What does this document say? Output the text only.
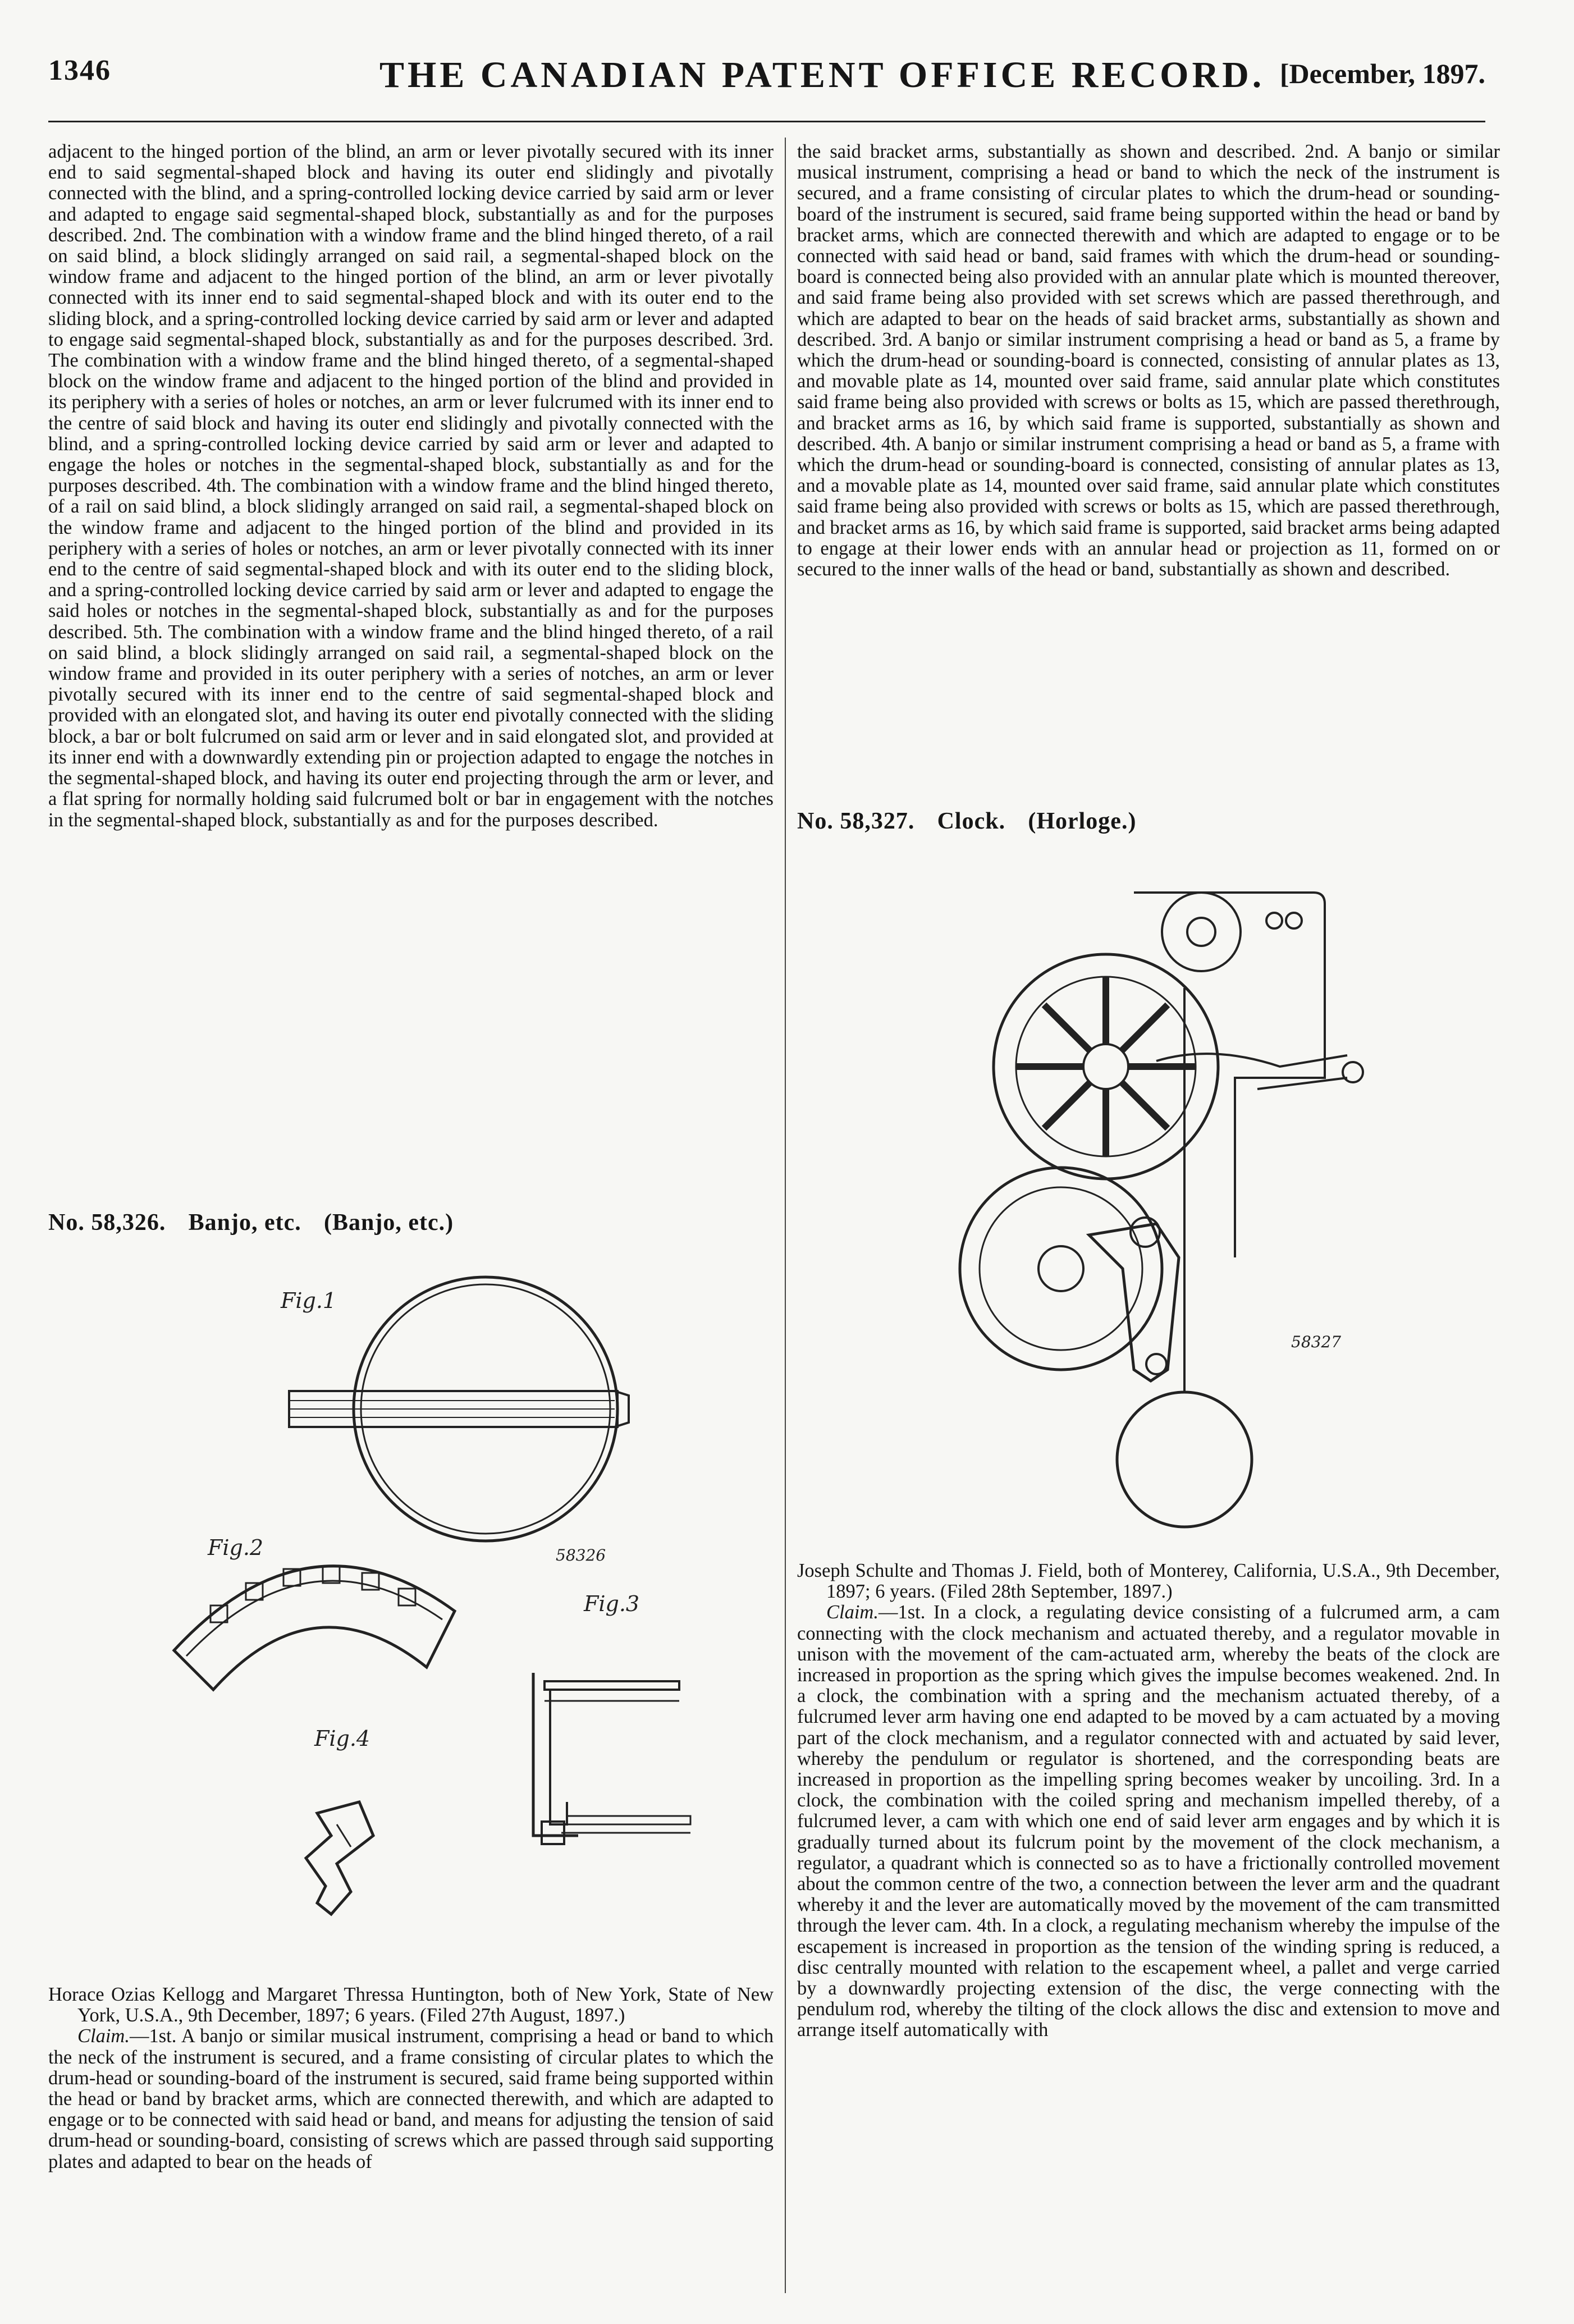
1346	THE CANADIAN PATENT OFFICE RECORD. [December, 1897.

adjacent to the hinged portion of the blind, an arm or lever pivotally secured with its inner end to said segmental-shaped block and having its outer end slidingly and pivotally connected with the blind, and a spring-controlled locking device carried by said arm or lever and adapted to engage said segmental-shaped block, substantially as and for the purposes described. 2nd. The combination with a window frame and the blind hinged thereto, of a rail on said blind, a block slidingly arranged on said rail, a segmental-shaped block on the window frame and adjacent to the hinged portion of the blind, an arm or lever pivotally connected with its inner end to said segmental-shaped block and with its outer end to the sliding block, and a spring-controlled locking device carried by said arm or lever and adapted to engage said segmental-shaped block, substantially as and for the purposes described. 3rd. The combination with a window frame and the blind hinged thereto, of a segmental-shaped block on the window frame and adjacent to the hinged portion of the blind and provided in its periphery with a series of holes or notches, an arm or lever fulcrumed with its inner end to the centre of said block and having its outer end slidingly and pivotally connected with the blind, and a spring-controlled locking device carried by said arm or lever and adapted to engage the holes or notches in the segmental-shaped block, substantially as and for the purposes described. 4th. The combination with a window frame and the blind hinged thereto, of a rail on said blind, a block slidingly arranged on said rail, a segmental-shaped block on the window frame and adjacent to the hinged portion of the blind and provided in its periphery with a series of holes or notches, an arm or lever pivotally connected with its inner end to the centre of said segmental-shaped block and with its outer end to the sliding block, and a spring-controlled locking device carried by said arm or lever and adapted to engage the said holes or notches in the segmental-shaped block, substantially as and for the purposes described. 5th. The combination with a window frame and the blind hinged thereto, of a rail on said blind, a block slidingly arranged on said rail, a segmental-shaped block on the window frame and provided in its outer periphery with a series of notches, an arm or lever pivotally secured with its inner end to the centre of said segmental-shaped block and provided with an elongated slot, and having its outer end pivotally connected with the sliding block, a bar or bolt fulcrumed on said arm or lever and in said elongated slot, and provided at its inner end with a downwardly extending pin or projection adapted to engage the notches in the segmental-shaped block, and having its outer end projecting through the arm or lever, and a flat spring for normally holding said fulcrumed bolt or bar in engagement with the notches in the segmental-shaped block, substantially as and for the purposes described.

No. 58,326. Banjo, etc. (Banjo, etc.)
Fig.1
Fig.2
Fig.3
Fig.4
58326

Horace Ozias Kellogg and Margaret Thressa Huntington, both of New York, State of New York, U.S.A., 9th December, 1897; 6 years. (Filed 27th August, 1897.)

Claim.—1st. A banjo or similar musical instrument, comprising a head or band to which the neck of the instrument is secured, and a frame consisting of circular plates to which the drum-head or sounding-board of the instrument is secured, said frame being supported within the head or band by bracket arms, which are connected therewith, and which are adapted to engage or to be connected with said head or band, and means for adjusting the tension of said drum-head or sounding-board, consisting of screws which are passed through said supporting plates and adapted to bear on the heads of

the said bracket arms, substantially as shown and described. 2nd. A banjo or similar musical instrument, comprising a head or band to which the neck of the instrument is secured, and a frame consisting of circular plates to which the drum-head or sounding-board of the instrument is secured, said frame being supported within the head or band by bracket arms, which are connected therewith and which are adapted to engage or to be connected with said head or band, said frames with which the drum-head or sounding-board is connected being also provided with an annular plate which is mounted thereover, and said frame being also provided with set screws which are passed therethrough, and which are adapted to bear on the heads of said bracket arms, substantially as shown and described. 3rd. A banjo or similar instrument comprising a head or band as 5, a frame by which the drum-head or sounding-board is connected, consisting of annular plates as 13, and movable plate as 14, mounted over said frame, said annular plate which constitutes said frame being also provided with screws or bolts as 15, which are passed therethrough, and bracket arms as 16, by which said frame is supported, substantially as shown and described. 4th. A banjo or similar instrument comprising a head or band as 5, a frame with which the drum-head or sounding-board is connected, consisting of annular plates as 13, and a movable plate as 14, mounted over said frame, said annular plate which constitutes said frame being also provided with screws or bolts as 15, which are passed therethrough, and bracket arms as 16, by which said frame is supported, said bracket arms being adapted to engage at their lower ends with an annular head or projection as 11, formed on or secured to the inner walls of the head or band, substantially as shown and described.

No. 58,327. Clock. (Horloge.)
58327

Joseph Schulte and Thomas J. Field, both of Monterey, California, U.S.A., 9th December, 1897; 6 years. (Filed 28th September, 1897.)

Claim.—1st. In a clock, a regulating device consisting of a fulcrumed arm, a cam connecting with the clock mechanism and actuated thereby, and a regulator movable in unison with the movement of the cam-actuated arm, whereby the beats of the clock are increased in proportion as the spring which gives the impulse becomes weakened. 2nd. In a clock, the combination with a spring and the mechanism actuated thereby, of a fulcrumed lever arm having one end adapted to be moved by a cam actuated by a moving part of the clock mechanism, and a regulator connected with and actuated by said lever, whereby the pendulum or regulator is shortened, and the corresponding beats are increased in proportion as the impelling spring becomes weaker by uncoiling. 3rd. In a clock, the combination with the coiled spring and mechanism impelled thereby, of a fulcrumed lever, a cam with which one end of said lever arm engages and by which it is gradually turned about its fulcrum point by the movement of the clock mechanism, a regulator, a quadrant which is connected so as to have a frictionally controlled movement about the common centre of the two, a connection between the lever arm and the quadrant whereby it and the lever are automatically moved by the movement of the cam transmitted through the lever cam. 4th. In a clock, a regulating mechanism whereby the impulse of the escapement is increased in proportion as the tension of the winding spring is reduced, a disc centrally mounted with relation to the escapement wheel, a pallet and verge carried by a downwardly projecting extension of the disc, the verge connecting with the pendulum rod, whereby the tilting of the clock allows the disc and extension to move and arrange itself automatically with
